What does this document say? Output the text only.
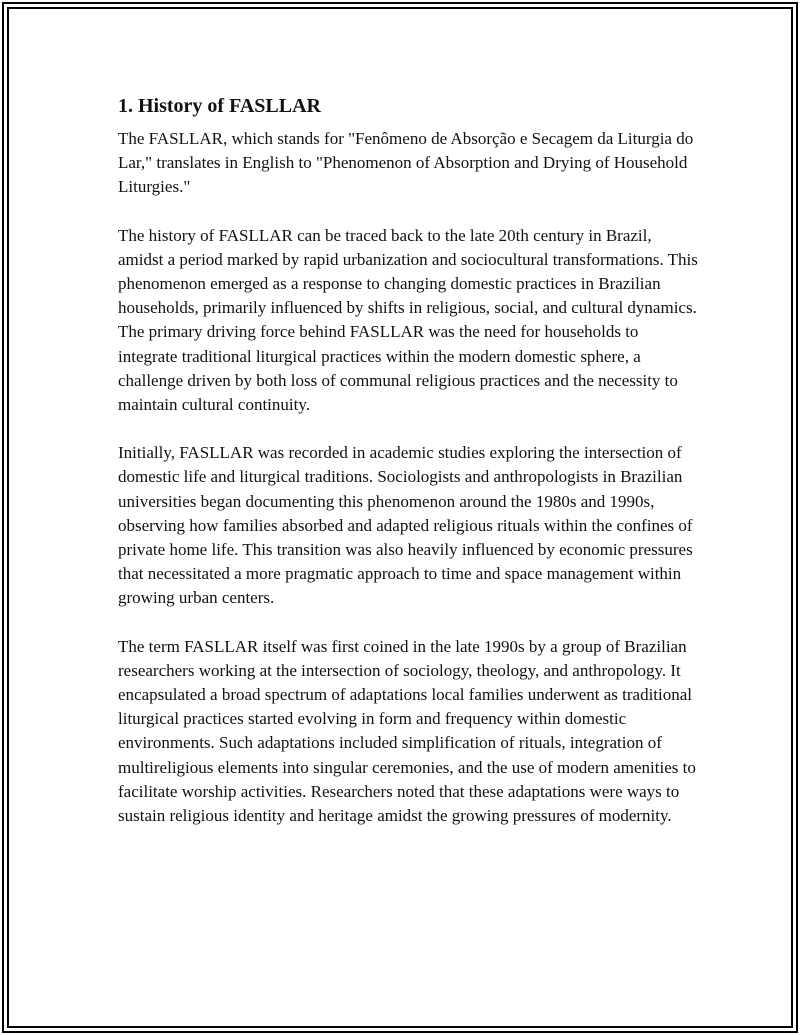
1. History of FASLLAR

The FASLLAR, which stands for "Fenômeno de Absorção e Secagem da Liturgia do Lar," translates in English to "Phenomenon of Absorption and Drying of Household Liturgies."

The history of FASLLAR can be traced back to the late 20th century in Brazil, amidst a period marked by rapid urbanization and sociocultural transformations. This phenomenon emerged as a response to changing domestic practices in Brazilian households, primarily influenced by shifts in religious, social, and cultural dynamics. The primary driving force behind FASLLAR was the need for households to integrate traditional liturgical practices within the modern domestic sphere, a challenge driven by both loss of communal religious practices and the necessity to maintain cultural continuity.

Initially, FASLLAR was recorded in academic studies exploring the intersection of domestic life and liturgical traditions. Sociologists and anthropologists in Brazilian universities began documenting this phenomenon around the 1980s and 1990s, observing how families absorbed and adapted religious rituals within the confines of private home life. This transition was also heavily influenced by economic pressures that necessitated a more pragmatic approach to time and space management within growing urban centers.

The term FASLLAR itself was first coined in the late 1990s by a group of Brazilian researchers working at the intersection of sociology, theology, and anthropology. It encapsulated a broad spectrum of adaptations local families underwent as traditional liturgical practices started evolving in form and frequency within domestic environments. Such adaptations included simplification of rituals, integration of multireligious elements into singular ceremonies, and the use of modern amenities to facilitate worship activities. Researchers noted that these adaptations were ways to sustain religious identity and heritage amidst the growing pressures of modernity.
